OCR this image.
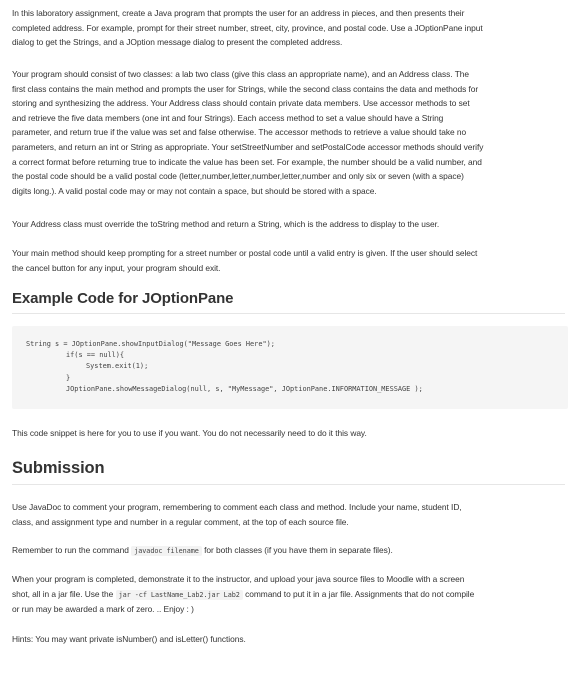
In this laboratory assignment, create a Java program that prompts the user for an address in pieces, and then presents their
completed address. For example, prompt for their street number, street, city, province, and postal code. Use a JOptionPane input
dialog to get the Strings, and a JOption message dialog to present the completed address.
Your program should consist of two classes: a lab two class (give this class an appropriate name), and an Address class. The
first class contains the main method and prompts the user for Strings, while the second class contains the data and methods for
storing and synthesizing the address. Your Address class should contain private data members. Use accessor methods to set
and retrieve the five data members (one int and four Strings). Each access method to set a value should have a String
parameter, and return true if the value was set and false otherwise. The accessor methods to retrieve a value should take no
parameters, and return an int or String as appropriate. Your setStreetNumber and setPostalCode accessor methods should verify
a correct format before returning true to indicate the value has been set. For example, the number should be a valid number, and
the postal code should be a valid postal code (letter,number,letter,number,letter,number and only six or seven (with a space)
digits long.). A valid postal code may or may not contain a space, but should be stored with a space.
Your Address class must override the toString method and return a String, which is the address to display to the user.
Your main method should keep prompting for a street number or postal code until a valid entry is given. If the user should select
the cancel button for any input, your program should exit.
Example Code for JOptionPane
String s = JOptionPane.showInputDialog("Message Goes Here");
if(s == null){
System.exit(1);
}
JOptionPane.showMessageDialog(null, s, "MyMessage", JOptionPane.INFORMATION_MESSAGE );
This code snippet is here for you to use if you want. You do not necessarily need to do it this way.
Submission
Use JavaDoc to comment your program, remembering to comment each class and method. Include your name, student ID,
class, and assignment type and number in a regular comment, at the top of each source file.
Remember to run the command javadoc filename for both classes (if you have them in separate files).
When your program is completed, demonstrate it to the instructor, and upload your java source files to Moodle with a screen
shot, all in a jar file. Use the jar -cf LastName_Lab2.jar Lab2 command to put it in a jar file. Assignments that do not compile
or run may be awarded a mark of zero. .. Enjoy : )
Hints: You may want private isNumber() and isLetter() functions.
